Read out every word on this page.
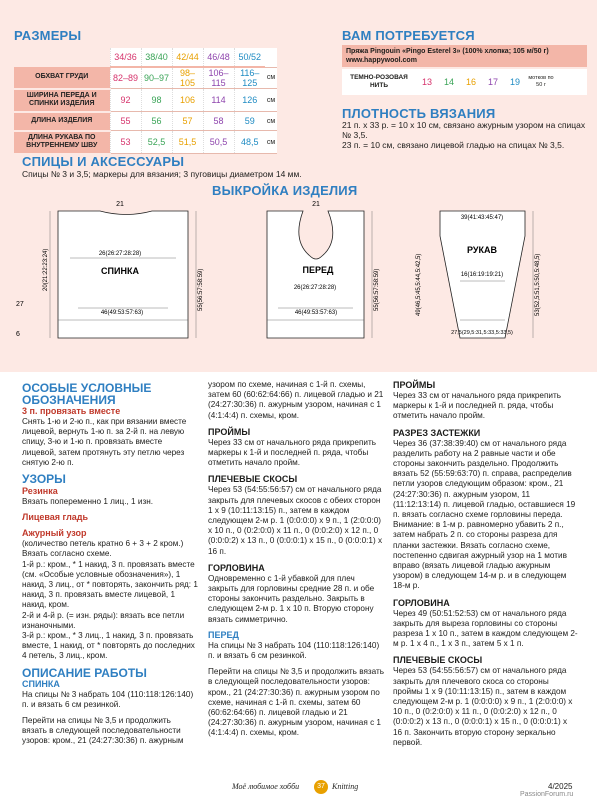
РАЗМЕРЫ
	34/36	38/40	42/44	46/48	50/52	
ОБХВАТ ГРУДИ	82–89	90–97	98–105	106–115	116–125	см
ШИРИНА ПЕРЕДА И СПИНКИ ИЗДЕЛИЯ	92	98	106	114	126	см
ДЛИНА ИЗДЕЛИЯ	55	56	57	58	59	см
ДЛИНА РУКАВА ПО ВНУТРЕННЕМУ ШВУ	53	52,5	51,5	50,5	48,5	см
ВАМ ПОТРЕБУЕТСЯ
Пряжа Pingouin «Pingo Esterel 3» (100% хлопка; 105 м/50 г)
www.happywool.com
ТЕМНО-РОЗОВАЯ НИТЬ	13	14	16	17	19	мотков по 50 г
ПЛОТНОСТЬ ВЯЗАНИЯ
21 п. x 33 р. = 10 x 10 см, связано ажурным узором на спицах № 3,5.
23 п. = 10 см, связано лицевой гладью на спицах № 3,5.
СПИЦЫ И АКСЕССУАРЫ
Спицы № 3 и 3,5; маркеры для вязания; 3 пуговицы диаметром 14 мм.
ВЫКРОЙКА ИЗДЕЛИЯ
21
26(26:27:28:28)
СПИНКА
46(49:53:57:63)
ПЕРЕД
26(26:27:28:28)
46(49:53:57:63)
21
39(41:43:45:47)
РУКАВ
16(16:19:19:21)
27,5(29,5:31,5:33,5:33,5)
20(21:22:23:24)	55(56:57:58:59)	55(56:57:58:59)	53(52,5:51,5:50,5:48,5)
49(46,5:45,5:44,5:42,5)
27
6
ОСОБЫЕ УСЛОВНЫЕ ОБОЗНАЧЕНИЯ
3 п. провязать вместе

Снять 1-ю и 2-ю п., как при вязании вместе лицевой, вернуть 1-ю п. за 2-й п. на левую спицу, 3-ю и 1-ю п. провязать вместе лицевой, затем протянуть эту петлю через снятую 2-ю п.

УЗОРЫ
Резинка

Вязать попеременно 1 лиц., 1 изн.

Лицевая гладь
Ажурный узор

(количество петель кратно 6 + 3 + 2 кром.) Вязать согласно схеме.

1-й р.: кром., * 1 накид, 3 п. провязать вместе (см. «Особые условные обозначения»), 1 накид, 3 лиц., от * повторять, закончить ряд: 1 накид, 3 п. провязать вместе лицевой, 1 накид, кром.

2-й и 4-й р. (= изн. ряды): вязать все петли изнаночными.

3-й р.: кром., * 3 лиц., 1 накид, 3 п. провязать вместе, 1 накид, от * повторять до последних 4 петель, 3 лиц., кром.

ОПИСАНИЕ РАБОТЫ
СПИНКА

На спицы № 3 набрать 104 (110:118:126:140) п. и вязать 6 см резинкой.

Перейти на спицы № 3,5 и продолжить вязать в следующей последовательности узоров: кром., 21 (24:27:30:36) п. ажурным

узором по схеме, начиная с 1-й п. схемы, затем 60 (60:62:64:66) п. лицевой гладью и 21 (24:27:30:36) п. ажурным узором, начиная с 1 (4:1:4:4) п. схемы, кром.

ПРОЙМЫ

Через 33 см от начального ряда прикрепить маркеры к 1-й и последней п. ряда, чтобы отметить начало пройм.

ПЛЕЧЕВЫЕ СКОСЫ

Через 53 (54:55:56:57) см от начального ряда закрыть для плечевых скосов с обеих сторон 1 x 9 (10:11:13:15) п., затем в каждом следующем 2-м р. 1 (0:0:0:0) x 9 п., 1 (2:0:0:0) x 10 п., 0 (0:2:0:0) x 11 п., 0 (0:0:2:0) x 12 п., 0 (0:0:0:2) x 13 п., 0 (0:0:0:1) x 15 п., 0 (0:0:0:1) x 16 п.

ГОРЛОВИНА

Одновременно с 1-й убавкой для плеч закрыть для горловины средние 28 п. и обе стороны закончить раздельно. Закрыть в следующем 2-м р. 1 x 10 п. Вторую сторону вязать симметрично.

ПЕРЕД

На спицы № 3 набрать 104 (110:118:126:140) п. и вязать 6 см резинкой.

Перейти на спицы № 3,5 и продолжить вязать в следующей последовательности узоров: кром., 21 (24:27:30:36) п. ажурным узором по схеме, начиная с 1-й п. схемы, затем 60 (60:62:64:66) п. лицевой гладью и 21 (24:27:30:36) п. ажурным узором, начиная с 1 (4:1:4:4) п. схемы, кром.

ПРОЙМЫ

Через 33 см от начального ряда прикрепить маркеры к 1-й и последней п. ряда, чтобы отметить начало пройм.

РАЗРЕЗ ЗАСТЕЖКИ

Через 36 (37:38:39:40) см от начального ряда разделить работу на 2 равные части и обе стороны закончить раздельно. Продолжить вязать 52 (55:59:63:70) п. справа, распределив петли узоров следующим образом: кром., 21 (24:27:30:36) п. ажурным узором, 11 (11:12:13:14) п. лицевой гладью, оставшиеся 19 п. вязать согласно схеме горловины переда.

Внимание: в 1-м р. равномерно убавить 2 п., затем набрать 2 п. со стороны разреза для планки застежки. Вязать согласно схеме, постепенно сдвигая ажурный узор на 1 мотив вправо (вязать лицевой гладью ажурным узором) в следующем 14-м р. и в следующем 18-м р.

ГОРЛОВИНА

Через 49 (50:51:52:53) см от начального ряда закрыть для выреза горловины со стороны разреза 1 x 10 п., затем в каждом следующем 2-м р. 1 x 4 п., 1 x 3 п., затем 5 x 1 п.

ПЛЕЧЕВЫЕ СКОСЫ

Через 53 (54:55:56:57) см от начального ряда закрыть для плечевого скоса со стороны проймы 1 x 9 (10:11:13:15) п., затем в каждом следующем 2-м р. 1 (0:0:0:0) x 9 п., 1 (2:0:0:0) x 10 п., 0 (0:2:0:0) x 11 п., 0 (0:0:2:0) x 12 п., 0 (0:0:0:2) x 13 п., 0 (0:0:0:1) x 15 п., 0 (0:0:0:1) x 16 п. Закончить вторую сторону зеркально первой.

Моё любимое хобби	37 Knitting	4/2025
PassionForum.ru
